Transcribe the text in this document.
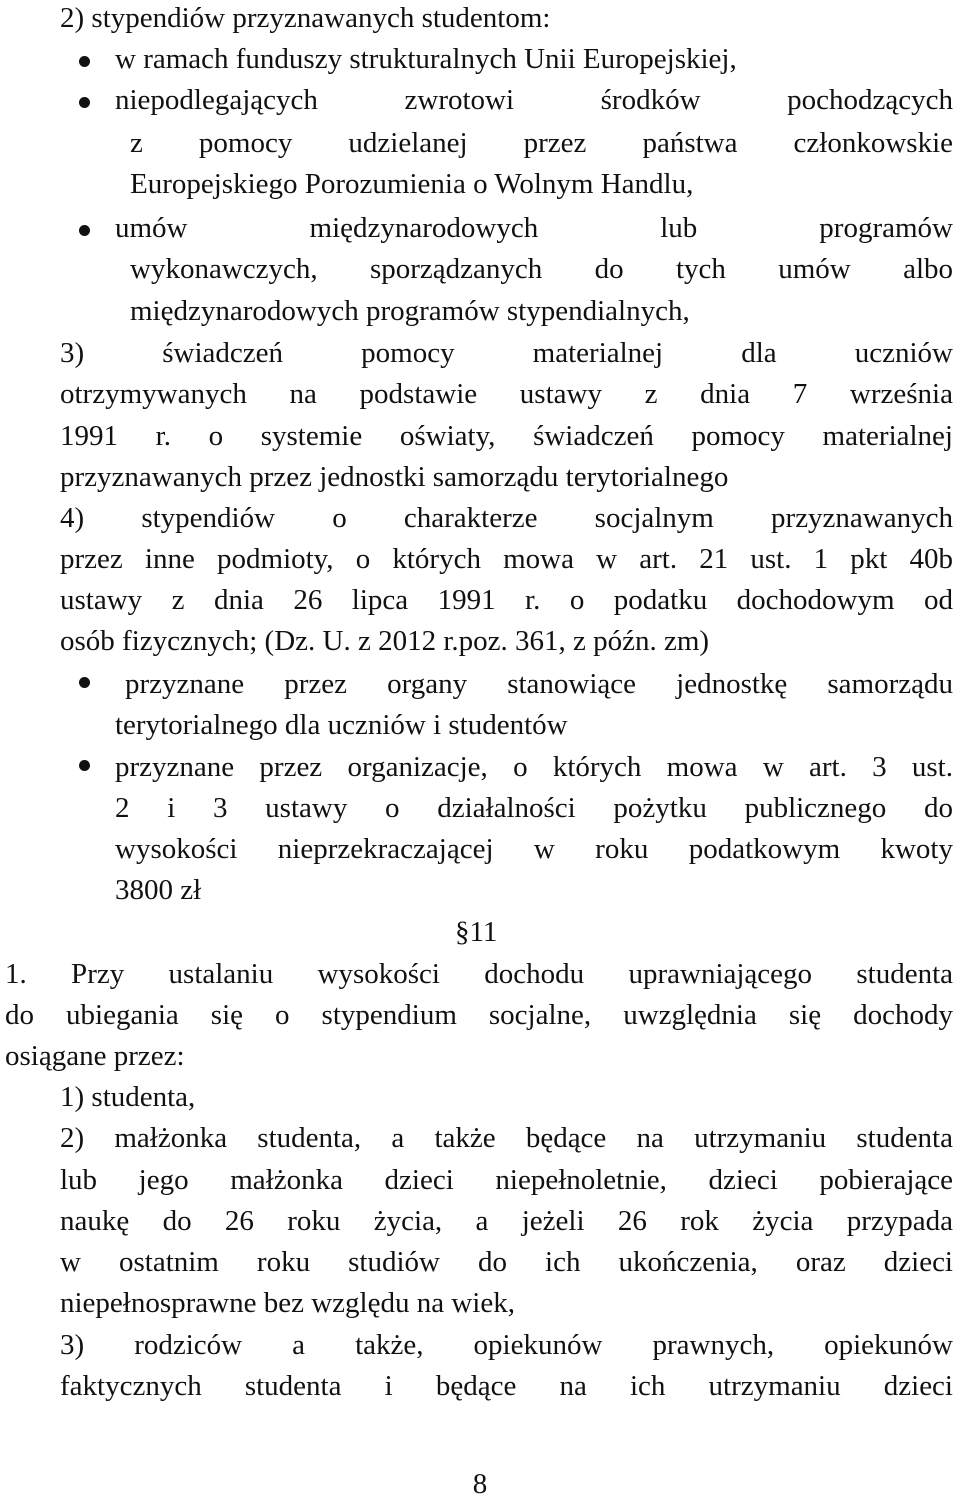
2) stypendiów przyznawanych studentom:
w ramach funduszy strukturalnych Unii Europejskiej,
niepodlegających zwrotowi środków pochodzących
z pomocy udzielanej przez państwa członkowskie
Europejskiego Porozumienia o Wolnym Handlu,
umów międzynarodowych lub programów
wykonawczych, sporządzanych do tych umów albo
międzynarodowych programów stypendialnych,
3) świadczeń pomocy materialnej dla uczniów
otrzymywanych na podstawie ustawy z dnia 7 września
1991 r. o systemie oświaty, świadczeń pomocy materialnej
przyznawanych przez jednostki samorządu terytorialnego
4) stypendiów o charakterze socjalnym przyznawanych
przez inne podmioty, o których mowa w art. 21 ust. 1 pkt 40b
ustawy z dnia 26 lipca 1991 r. o podatku dochodowym od
osób fizycznych; (Dz. U. z 2012 r.poz. 361, z późn. zm)
przyznane przez organy stanowiące jednostkę samorządu
terytorialnego dla uczniów i studentów
przyznane przez organizacje, o których mowa w art. 3 ust.
2 i 3 ustawy o działalności pożytku publicznego do
wysokości nieprzekraczającej w roku podatkowym kwoty
3800 zł
§11
1. Przy ustalaniu wysokości dochodu uprawniającego studenta
do ubiegania się o stypendium socjalne, uwzględnia się dochody
osiągane przez:
1) studenta,
2) małżonka studenta, a także będące na utrzymaniu studenta
lub jego małżonka dzieci niepełnoletnie, dzieci pobierające
naukę do 26 roku życia, a jeżeli 26 rok życia przypada
w ostatnim roku studiów do ich ukończenia, oraz dzieci
niepełnosprawne bez względu na wiek,
3) rodziców a także, opiekunów prawnych, opiekunów
faktycznych studenta i będące na ich utrzymaniu dzieci
8
